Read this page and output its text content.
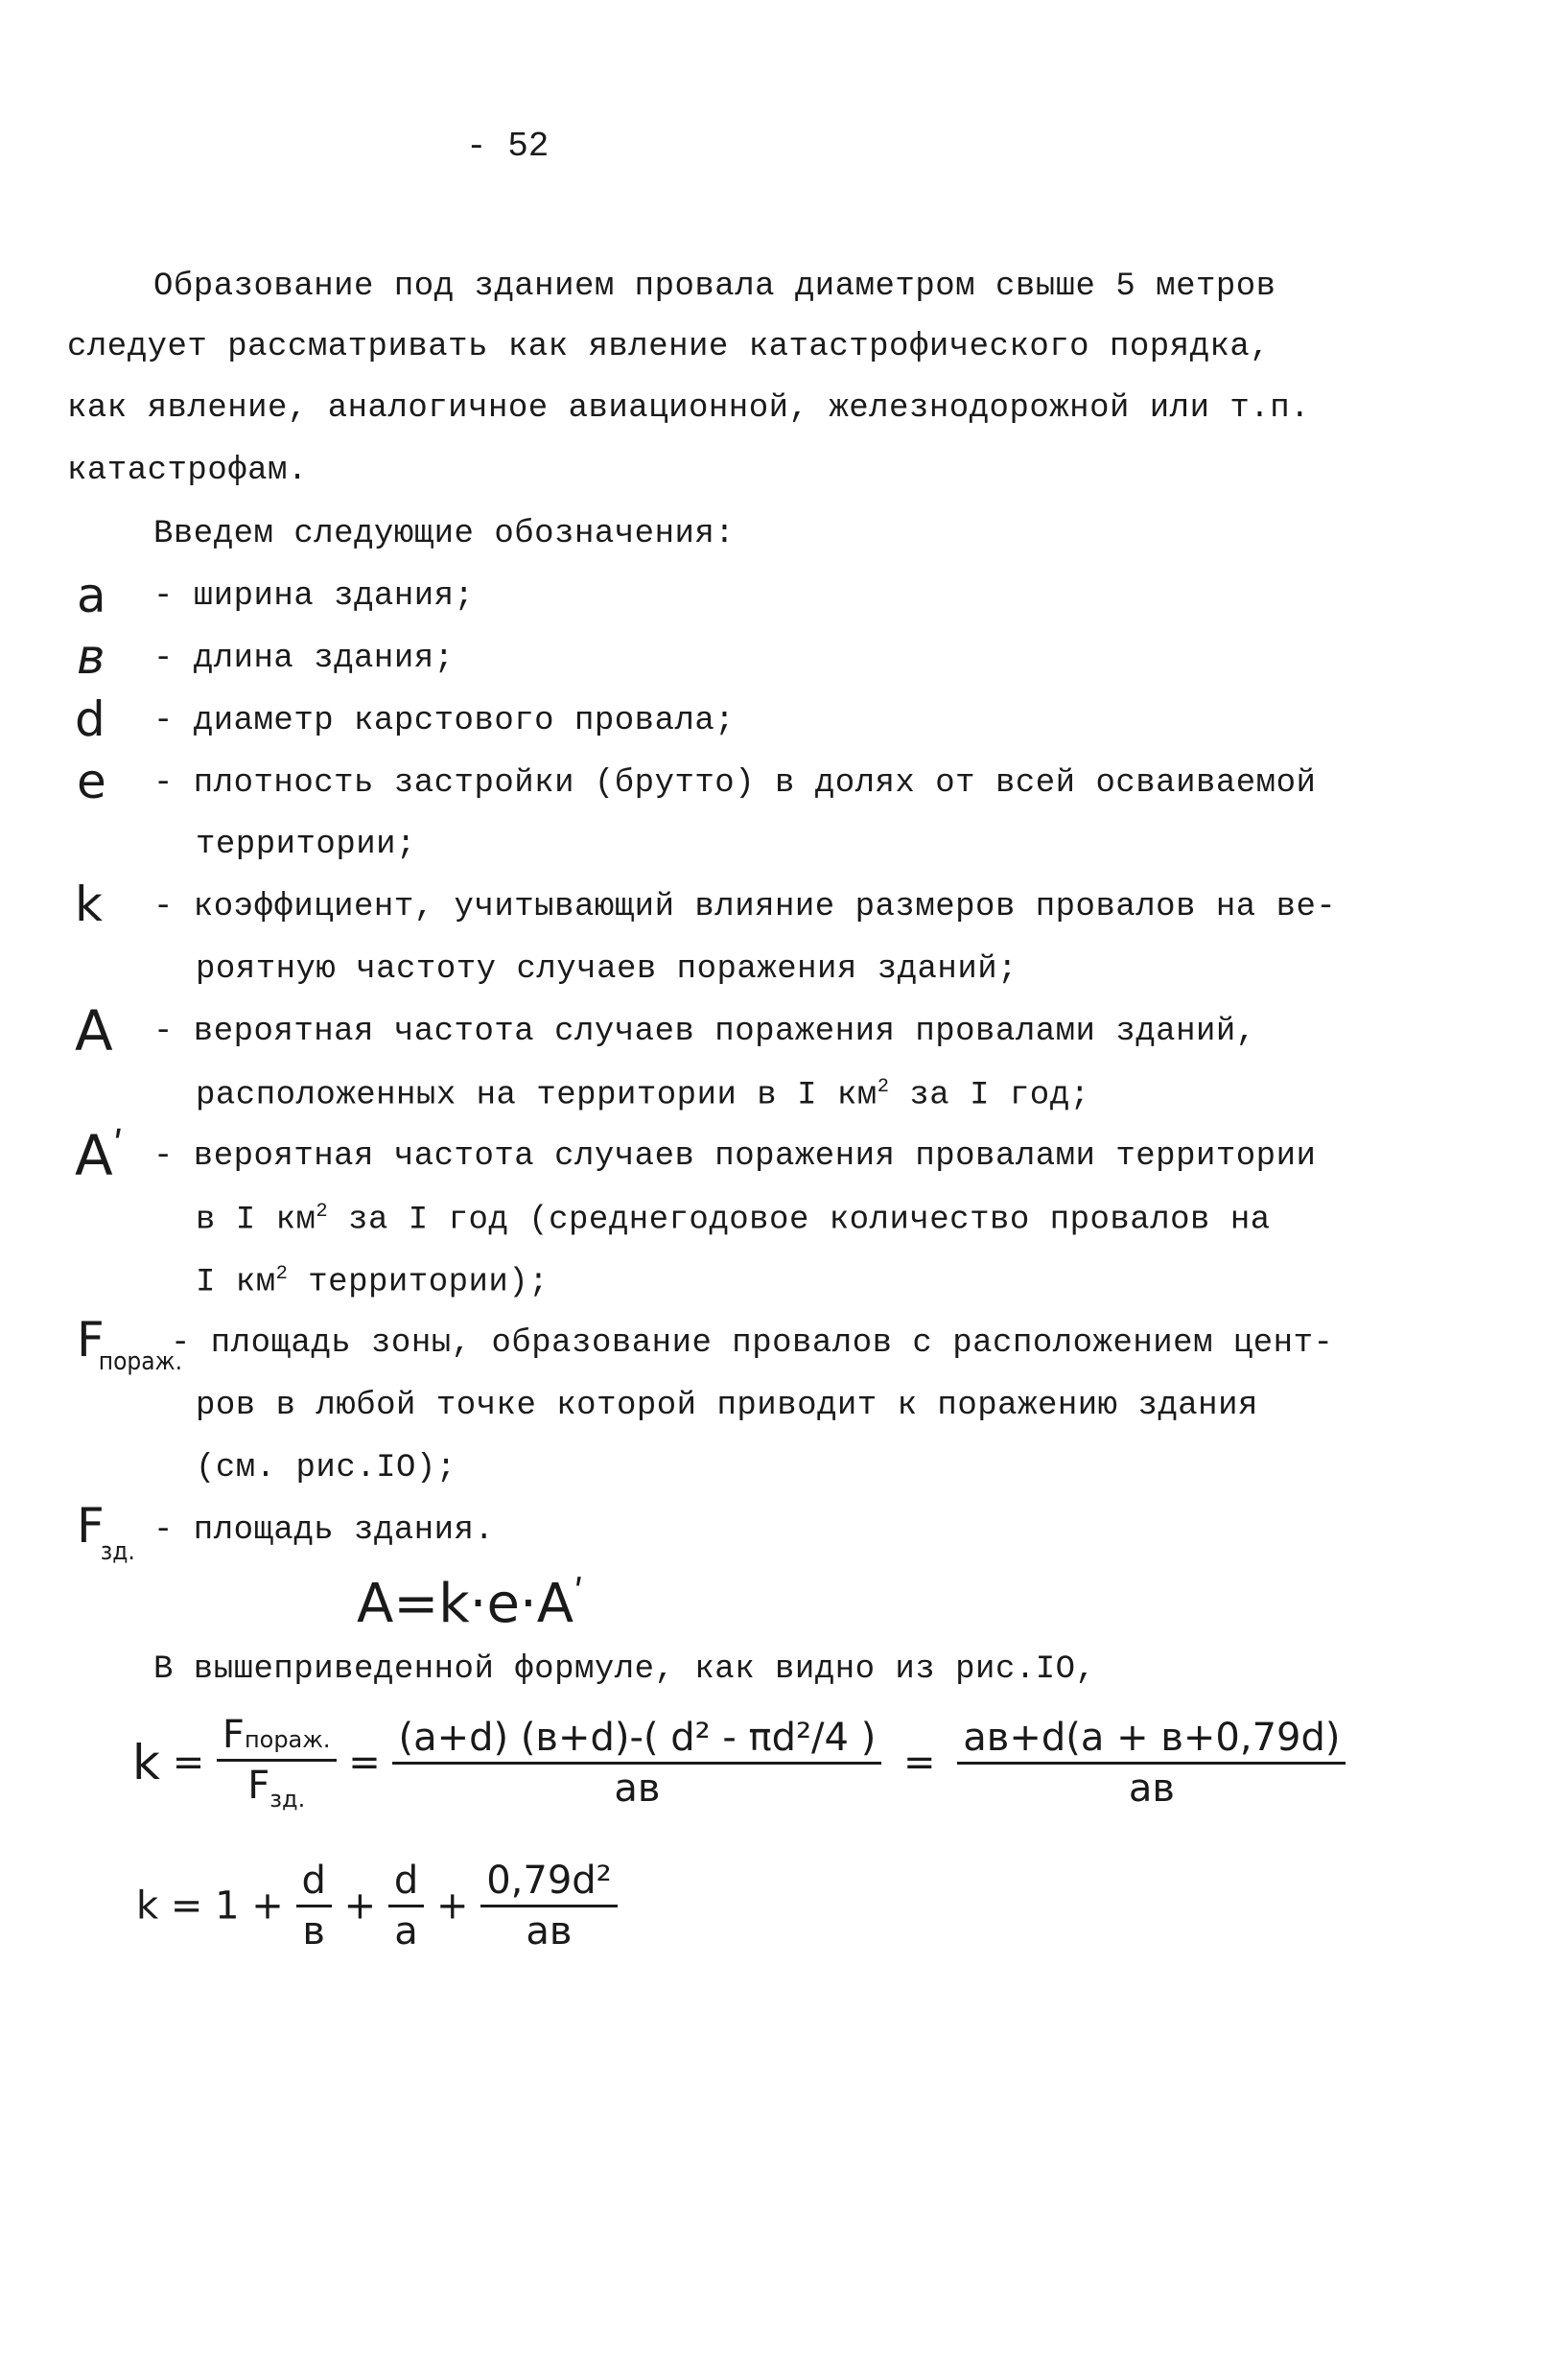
- 52
Образование под зданием провала диаметром свыше 5 метров
следует рассматривать как явление катастрофического порядка,
как явление, аналогичное авиационной, железнодорожной или т.п.
катастрофам.
Введем следующие обозначения:
a - ширина здания;
в - длина здания;
d - диаметр карстового провала;
e - плотность застройки (брутто) в долях от всей осваиваемой
территории;
k - коэффициент, учитывающий влияние размеров провалов на ве-
роятную частоту случаев поражения зданий;
A - вероятная частота случаев поражения провалами зданий,
расположенных на территории в I $км^2$ за I год;
$A^ʹ$ - вероятная частота случаев поражения провалами территории
в I $км^2$ за I год (среднегодовое количество провалов на
I $км^2$ территории);
$F_{пораж.}$
- площадь зоны, образование провалов с расположением цент-
ров в любой точке которой приводит к поражению здания
(см. рис.IO);
$F_{зд.}$
- площадь здания.
$A=k\cdot e\cdot A^ʹ$
В вышеприведенной формуле, как видно из рис.IO,
$k = \frac{\text{Fпораж.}}{F_{зд.}} = \frac{\text{(a+d) (в+d)-( d² - πd²/4 )}}{aв} = \frac{aв+d(a + в+0,79d)}{aв}$
$k = 1 + \frac{d}{в} + \frac{d}{a} + \frac{\text{0,79d²}}{aв}$
